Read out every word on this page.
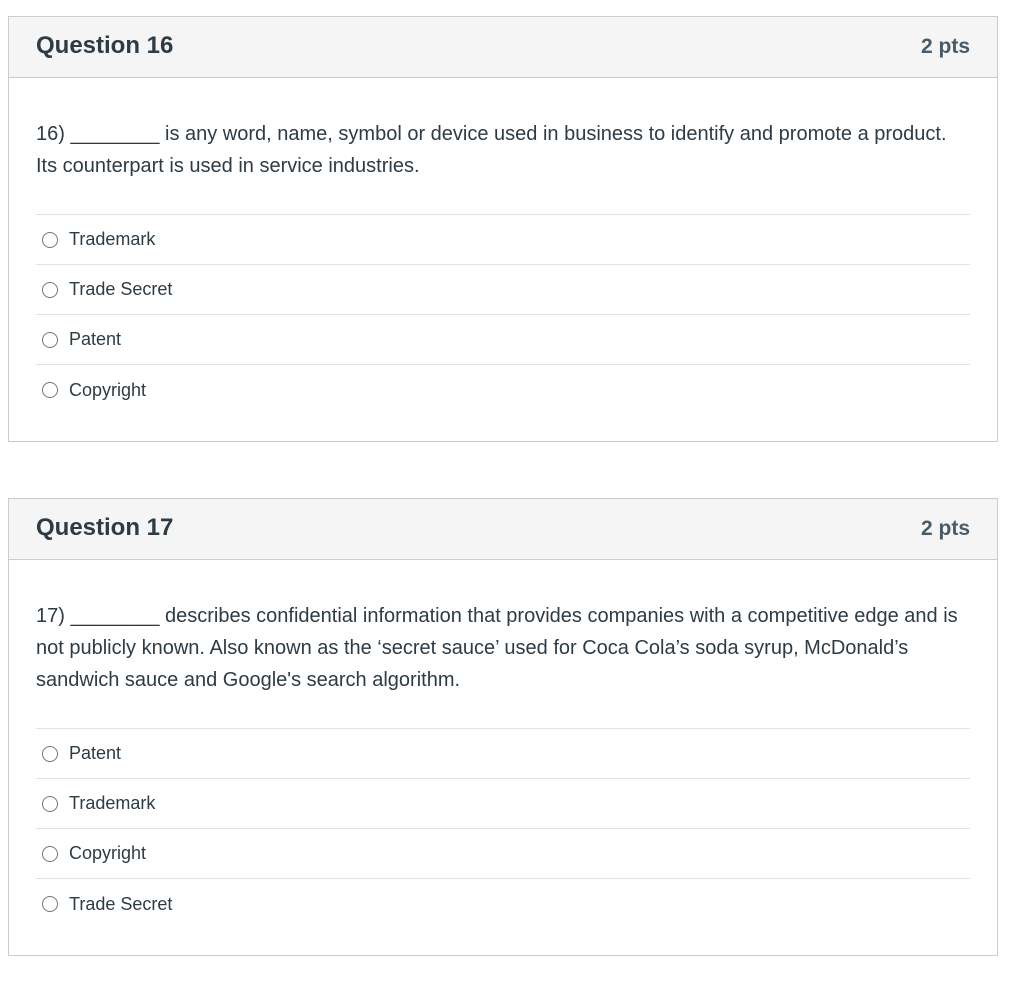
Question 16	2 pts

16) ________ is any word, name, symbol or device used in business to identify and promote a product. Its counterpart is used in service industries.

Trademark
Trade Secret
Patent
Copyright
Question 17	2 pts

17) ________ describes confidential information that provides companies with a competitive edge and is not publicly known. Also known as the ‘secret sauce’ used for Coca Cola’s soda syrup, McDonald’s sandwich sauce and Google's search algorithm.

Patent
Trademark
Copyright
Trade Secret
